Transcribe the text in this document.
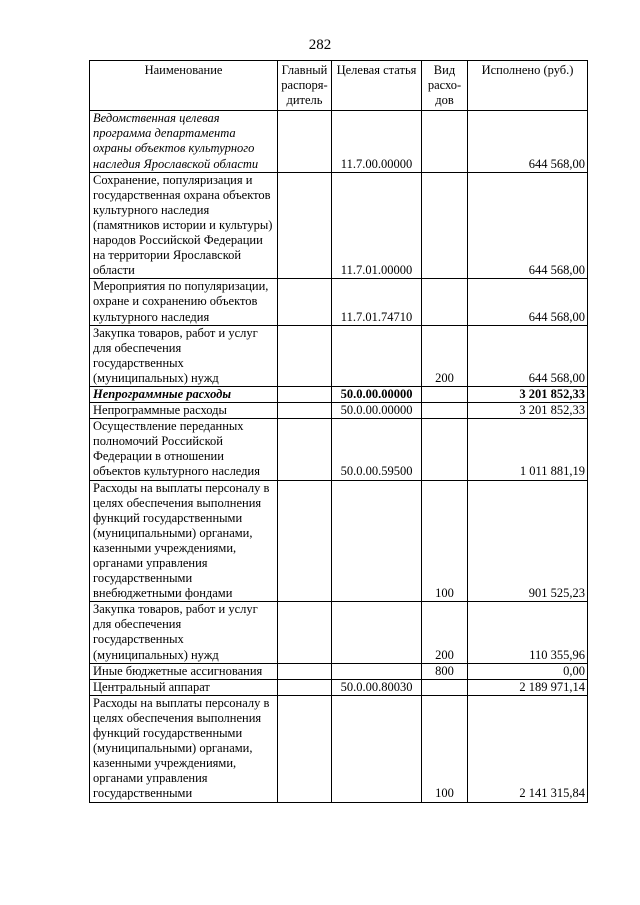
282
Наименование	Главный распоря-дитель	Целевая статья	Вид расхо-дов	Исполнено (руб.)
Ведомственная целевая программа департамента охраны объектов культурного наследия Ярославской области		11.7.00.00000		644 568,00
Сохранение, популяризация и государственная охрана объектов культурного наследия (памятников истории и культуры) народов Российской Федерации на территории Ярославской области		11.7.01.00000		644 568,00
Мероприятия по популяризации, охране и сохранению объектов культурного наследия		11.7.01.74710		644 568,00
Закупка товаров, работ и услуг для обеспечения государственных (муниципальных) нужд			200	644 568,00
Непрограммные расходы		50.0.00.00000		3 201 852,33
Непрограммные расходы		50.0.00.00000		3 201 852,33
Осуществление переданных полномочий Российской Федерации в отношении объектов культурного наследия		50.0.00.59500		1 011 881,19
Расходы на выплаты персоналу в целях обеспечения выполнения функций государственными (муниципальными) органами, казенными учреждениями, органами управления государственными внебюджетными фондами			100	901 525,23
Закупка товаров, работ и услуг для обеспечения государственных (муниципальных) нужд			200	110 355,96
Иные бюджетные ассигнования			800	0,00
Центральный аппарат		50.0.00.80030		2 189 971,14
Расходы на выплаты персоналу в целях обеспечения выполнения функций государственными (муниципальными) органами, казенными учреждениями, органами управления государственными			100	2 141 315,84
